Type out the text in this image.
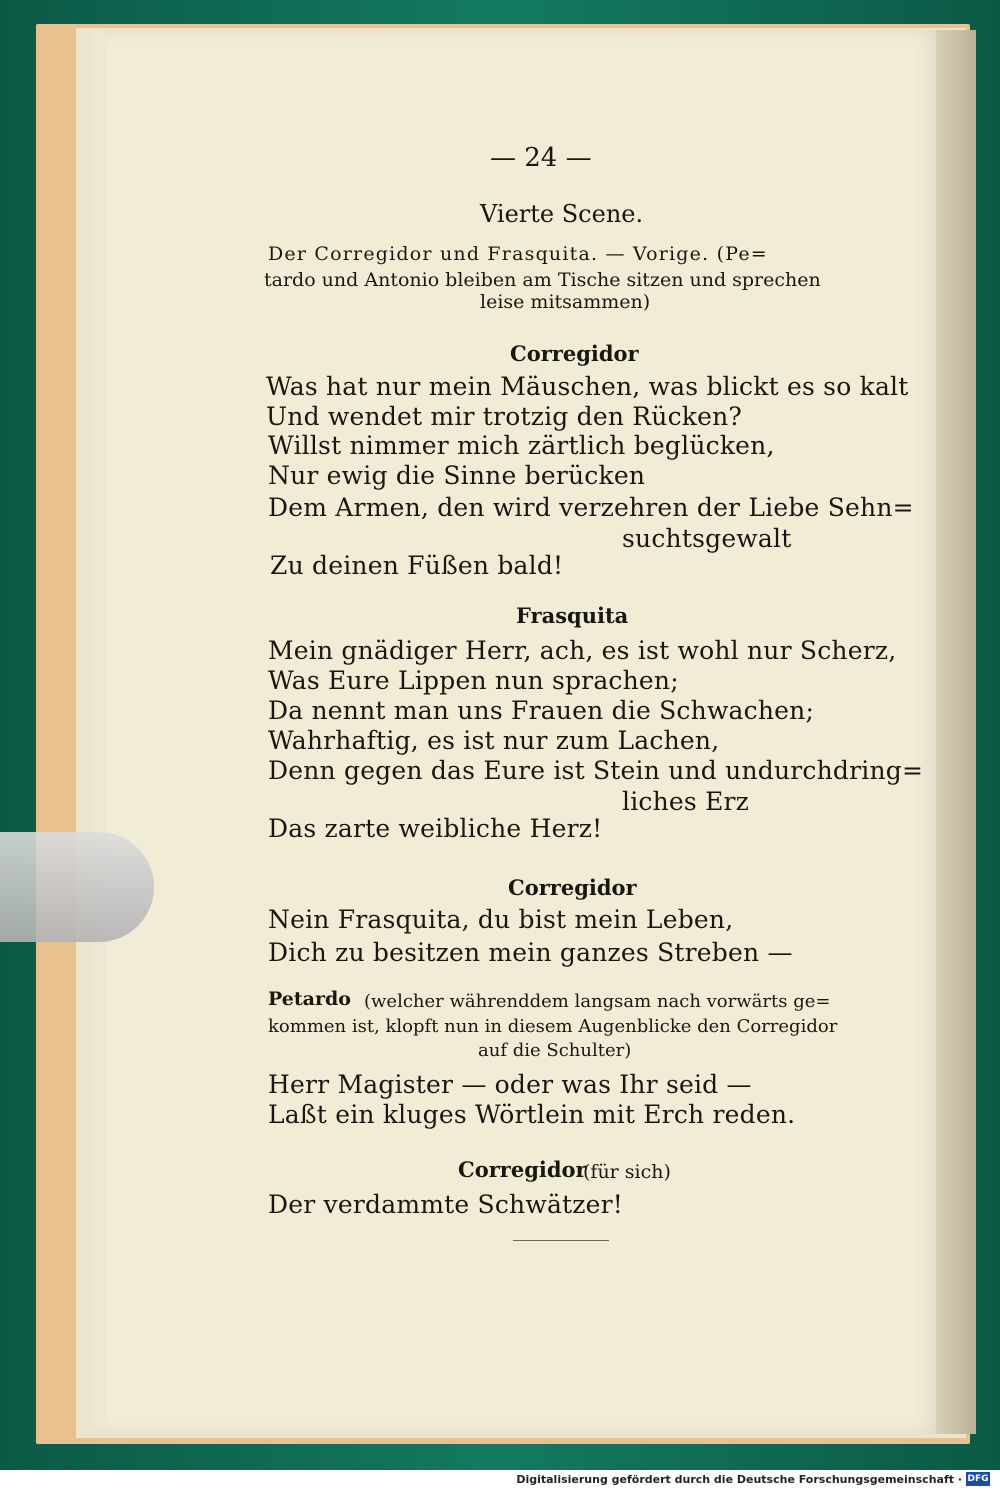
— 24 —
Vierte Scene.
Der Corregidor und Frasquita. — Vorige. (Pe=
tardo und Antonio bleiben am Tische sitzen und sprechen
leise mitsammen)
Corregidor
Was hat nur mein Mäuschen, was blickt es so kalt
Und wendet mir trotzig den Rücken?
Willst nimmer mich zärtlich beglücken,
Nur ewig die Sinne berücken
Dem Armen, den wird verzehren der Liebe Sehn=
suchtsgewalt
Zu deinen Füßen bald!
Frasquita
Mein gnädiger Herr, ach, es ist wohl nur Scherz,
Was Eure Lippen nun sprachen;
Da nennt man uns Frauen die Schwachen;
Wahrhaftig, es ist nur zum Lachen,
Denn gegen das Eure ist Stein und undurchdring=
liches Erz
Das zarte weibliche Herz!
Corregidor
Nein Frasquita, du bist mein Leben,
Dich zu besitzen mein ganzes Streben —
Petardo (welcher währenddem langsam nach vorwärts ge=
kommen ist, klopft nun in diesem Augenblicke den Corregidor
auf die Schulter)
Herr Magister — oder was Ihr seid —
Laßt ein kluges Wörtlein mit Erch reden.
Corregidor
(für sich)
Der verdammte Schwätzer!
Digitalisierung gefördert durch die Deutsche Forschungsgemeinschaft · DFG
